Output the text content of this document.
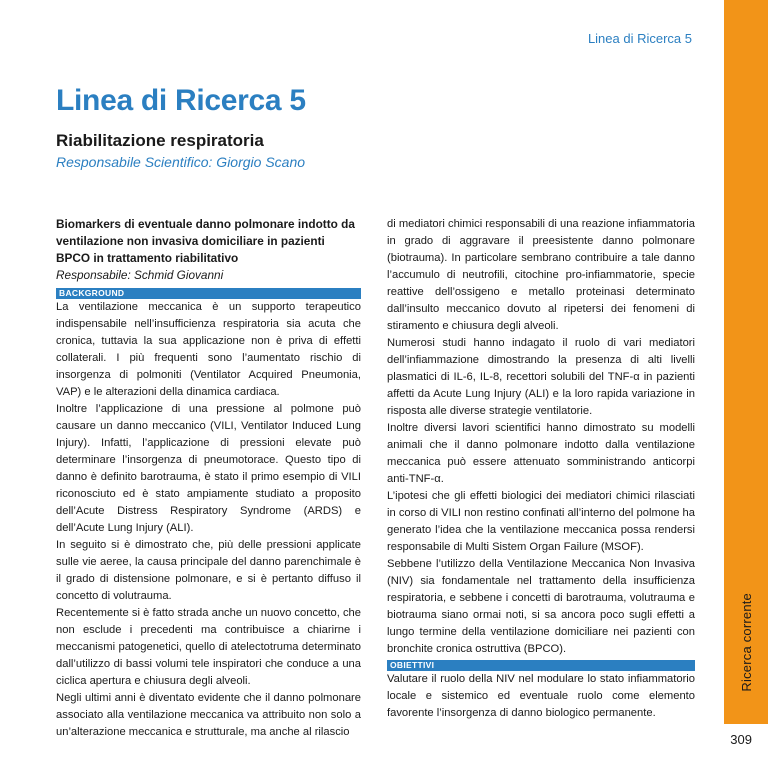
Ricerca corrente
Linea di Ricerca 5
Linea di Ricerca 5
Riabilitazione respiratoria

Responsabile Scientifico: Giorgio Scano

Biomarkers di eventuale danno polmonare indotto da ventilazione non invasiva domiciliare in pazienti BPCO in trattamento riabilitativo

Responsabile: Schmid Giovanni

BACKGROUND

La ventilazione meccanica è un supporto terapeutico indispensabile nell’insufficienza respiratoria sia acuta che cronica, tuttavia la sua applicazione non è priva di effetti collaterali. I più frequenti sono l’aumentato rischio di insorgenza di polmoniti (Ventilator Acquired Pneumonia, VAP) e le alterazioni della dinamica cardiaca.

Inoltre l’applicazione di una pressione al polmone può causare un danno meccanico (VILI, Ventilator Induced Lung Injury). Infatti, l’applicazione di pressioni elevate può determinare l’insorgenza di pneumotorace. Questo tipo di danno è definito barotrauma, è stato il primo esempio di VILI riconosciuto ed è stato ampiamente studiato a proposito dell’Acute Distress Respiratory Syndrome (ARDS) e dell’Acute Lung Injury (ALI).

In seguito si è dimostrato che, più delle pressioni applicate sulle vie aeree, la causa principale del danno parenchimale è il grado di distensione polmonare, e si è pertanto diffuso il concetto di volutrauma.

Recentemente si è fatto strada anche un nuovo concetto, che non esclude i precedenti ma contribuisce a chiarirne i meccanismi patogenetici, quello di atelectotruma determinato dall’utilizzo di bassi volumi tele inspiratori che conduce a una ciclica apertura e chiusura degli alveoli.

Negli ultimi anni è diventato evidente che il danno polmonare associato alla ventilazione meccanica va attribuito non solo a un’alterazione meccanica e strutturale, ma anche al rilascio

di mediatori chimici responsabili di una reazione infiammatoria in grado di aggravare il preesistente danno polmonare (biotrauma). In particolare sembrano contribuire a tale danno l’accumulo di neutrofili, citochine pro-infiammatorie, specie reattive dell’ossigeno e metallo proteinasi determinato dall’insulto meccanico dovuto al ripetersi dei fenomeni di stiramento e chiusura degli alveoli.

Numerosi studi hanno indagato il ruolo di vari mediatori dell’infiammazione dimostrando la presenza di alti livelli plasmatici di IL-6, IL-8, recettori solubili del TNF-α in pazienti affetti da Acute Lung Injury (ALI) e la loro rapida variazione in risposta alle diverse strategie ventilatorie.

Inoltre diversi lavori scientifici hanno dimostrato su modelli animali che il danno polmonare indotto dalla ventilazione meccanica può essere attenuato somministrando anticorpi anti-TNF-α.

L’ipotesi che gli effetti biologici dei mediatori chimici rilasciati in corso di VILI non restino confinati all’interno del polmone ha generato l’idea che la ventilazione meccanica possa rendersi responsabile di Multi Sistem Organ Failure (MSOF).

Sebbene l’utilizzo della Ventilazione Meccanica Non Invasiva (NIV) sia fondamentale nel trattamento della insufficienza respiratoria, e sebbene i concetti di barotrauma, volutrauma e biotrauma siano ormai noti, si sa ancora poco sugli effetti a lungo termine della ventilazione domiciliare nei pazienti con bronchite cronica ostruttiva (BPCO).

OBIETTIVI

Valutare il ruolo della NIV nel modulare lo stato infiammatorio locale e sistemico ed eventuale ruolo come elemento favorente l’insorgenza di danno biologico permanente.

309
